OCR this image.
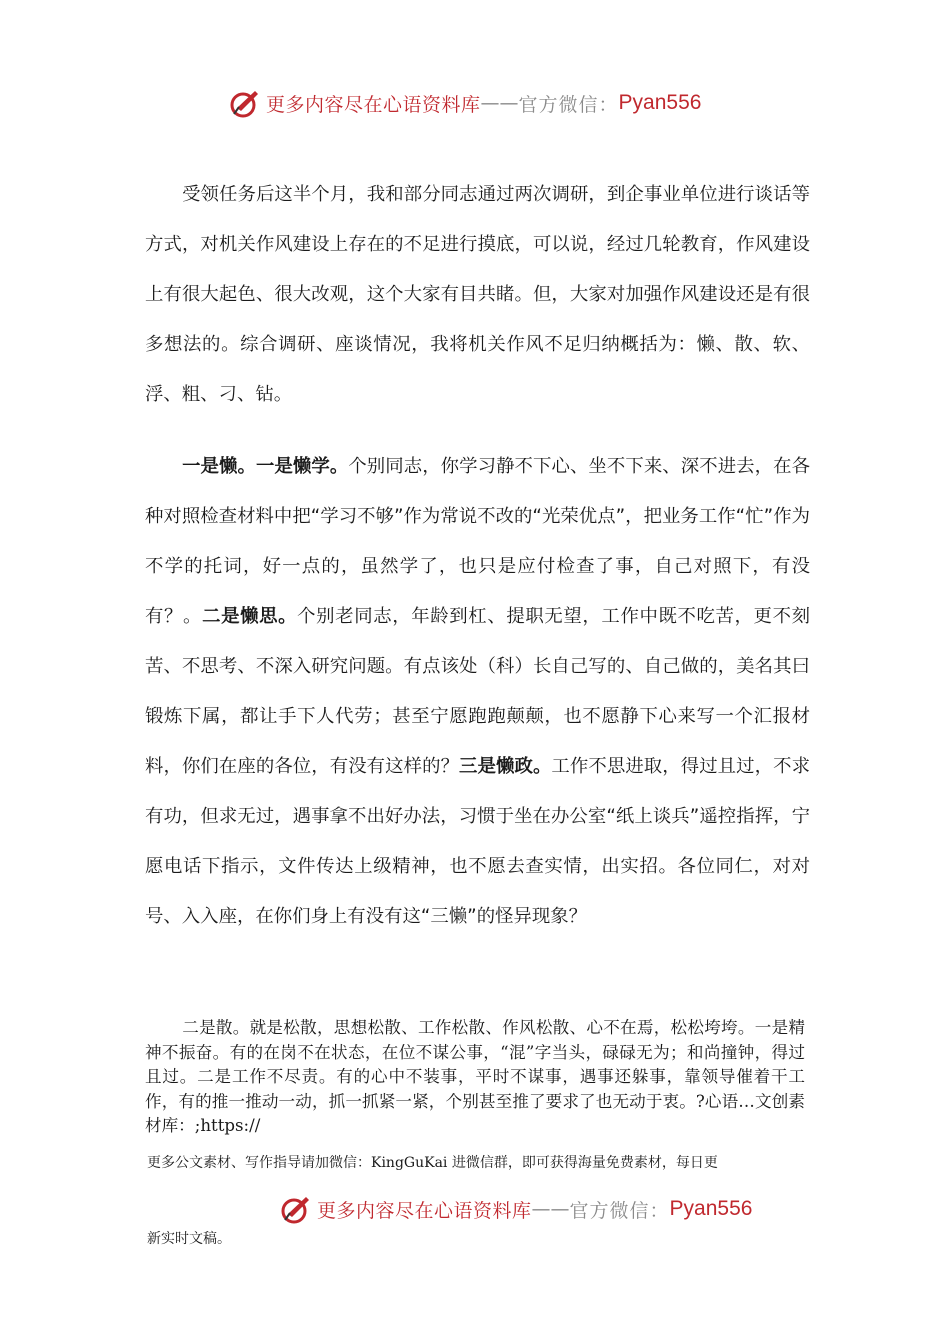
更多内容尽在心语资料库 —— 官方微信： Pyan556

受领任务后这半个月，我和部分同志通过两次调研，到企事业单位进行谈话等方式，对机关作风建设上存在的不足进行摸底，可以说，经过几轮教育，作风建设上有很大起色、很大改观，这个大家有目共睹。但，大家对加强作风建设还是有很多想法的。综合调研、座谈情况，我将机关作风不足归纳概括为：懒、散、软、浮、粗、刁、钻。

一是懒。一是懒学。个别同志，你学习静不下心、坐不下来、深不进去，在各种对照检查材料中把“学习不够”作为常说不改的“光荣优点”，把业务工作“忙”作为不学的托词，好一点的，虽然学了，也只是应付检查了事，自己对照下，有没有？。二是懒思。个别老同志，年龄到杠、提职无望，工作中既不吃苦，更不刻苦、不思考、不深入研究问题。有点该处（科）长自己写的、自己做的，美名其曰锻炼下属，都让手下人代劳；甚至宁愿跑跑颠颠，也不愿静下心来写一个汇报材料，你们在座的各位，有没有这样的？三是懒政。工作不思进取，得过且过，不求有功，但求无过，遇事拿不出好办法，习惯于坐在办公室“纸上谈兵”遥控指挥，宁愿电话下指示，文件传达上级精神，也不愿去查实情，出实招。各位同仁，对对号、入入座，在你们身上有没有这“三懒”的怪异现象？

二是散。就是松散，思想松散、工作松散、作风松散、心不在焉，松松垮垮。一是精神不振奋。有的在岗不在状态，在位不谋公事，“混”字当头，碌碌无为；和尚撞钟，得过且过。二是工作不尽责。有的心中不装事，平时不谋事，遇事还躲事，靠领导催着干工作，有的推一推动一动，抓一抓紧一紧，个别甚至推了要求了也无动于衷。?心语…文创素材库：;https://

更多公文素材、写作指导请加微信：KingGuKai 进微信群，即可获得海量免费素材，每日更
更多内容尽在心语资料库 —— 官方微信： Pyan556
新实时文稿。
